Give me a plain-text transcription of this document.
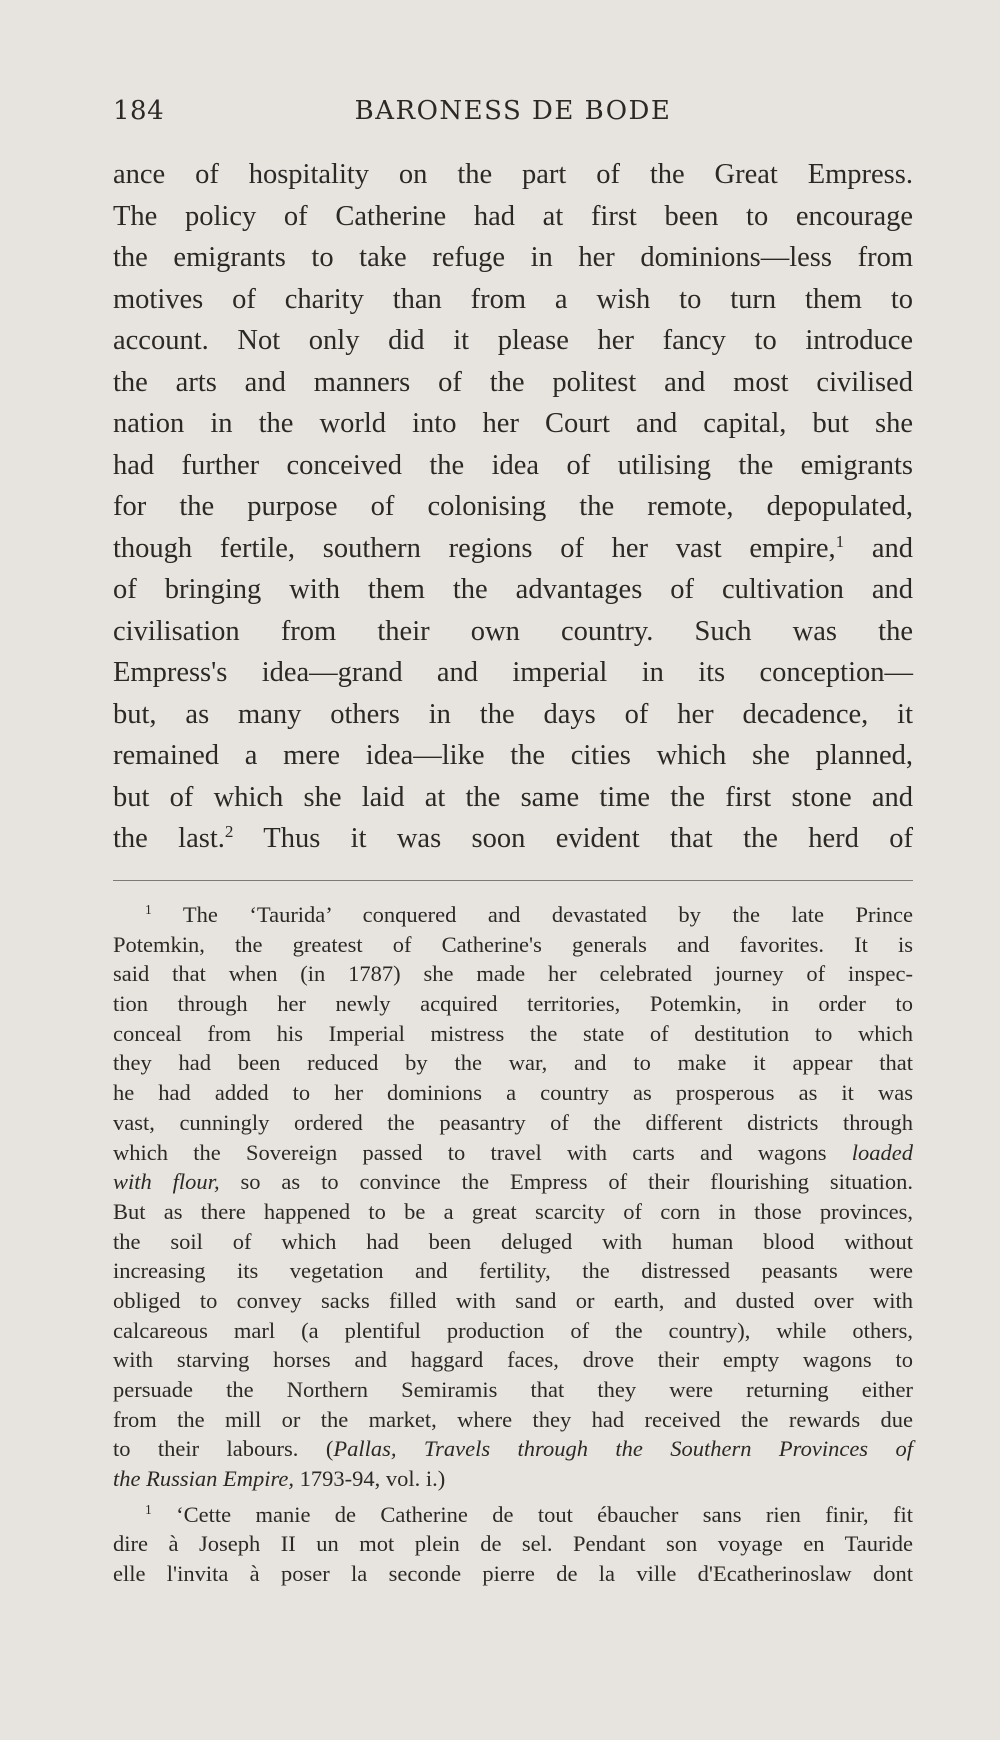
184	BARONESS DE BODE
ance of hospitality on the part of the Great Empress.
The policy of Catherine had at first been to encourage
the emigrants to take refuge in her dominions—less from
motives of charity than from a wish to turn them to
account. Not only did it please her fancy to introduce
the arts and manners of the politest and most civilised
nation in the world into her Court and capital, but she
had further conceived the idea of utilising the emigrants
for the purpose of colonising the remote, depopulated,
though fertile, southern regions of her vast empire,$^1$ and
of bringing with them the advantages of cultivation and
civilisation from their own country. Such was the
Empress's idea—grand and imperial in its conception—
but, as many others in the days of her decadence, it
remained a mere idea—like the cities which she planned,
but of which she laid at the same time the first stone and
the last.$^2$ Thus it was soon evident that the herd of
$^1$ The ‘Taurida’ conquered and devastated by the late Prince
Potemkin, the greatest of Catherine's generals and favorites. It is
said that when (in 1787) she made her celebrated journey of inspec-
tion through her newly acquired territories, Potemkin, in order to
conceal from his Imperial mistress the state of destitution to which
they had been reduced by the war, and to make it appear that
he had added to her dominions a country as prosperous as it was
vast, cunningly ordered the peasantry of the different districts through
which the Sovereign passed to travel with carts and wagons loaded
with flour, so as to convince the Empress of their flourishing situation.
But as there happened to be a great scarcity of corn in those provinces,
the soil of which had been deluged with human blood without
increasing its vegetation and fertility, the distressed peasants were
obliged to convey sacks filled with sand or earth, and dusted over with
calcareous marl (a plentiful production of the country), while others,
with starving horses and haggard faces, drove their empty wagons to
persuade the Northern Semiramis that they were returning either
from the mill or the market, where they had received the rewards due
to their labours. (Pallas, Travels through the Southern Provinces of
the Russian Empire, 1793-94, vol. i.)
$^1$ ‘Cette manie de Catherine de tout ébaucher sans rien finir, fit
dire à Joseph II un mot plein de sel. Pendant son voyage en Tauride
elle l'invita à poser la seconde pierre de la ville d'Ecatherinoslaw dont
